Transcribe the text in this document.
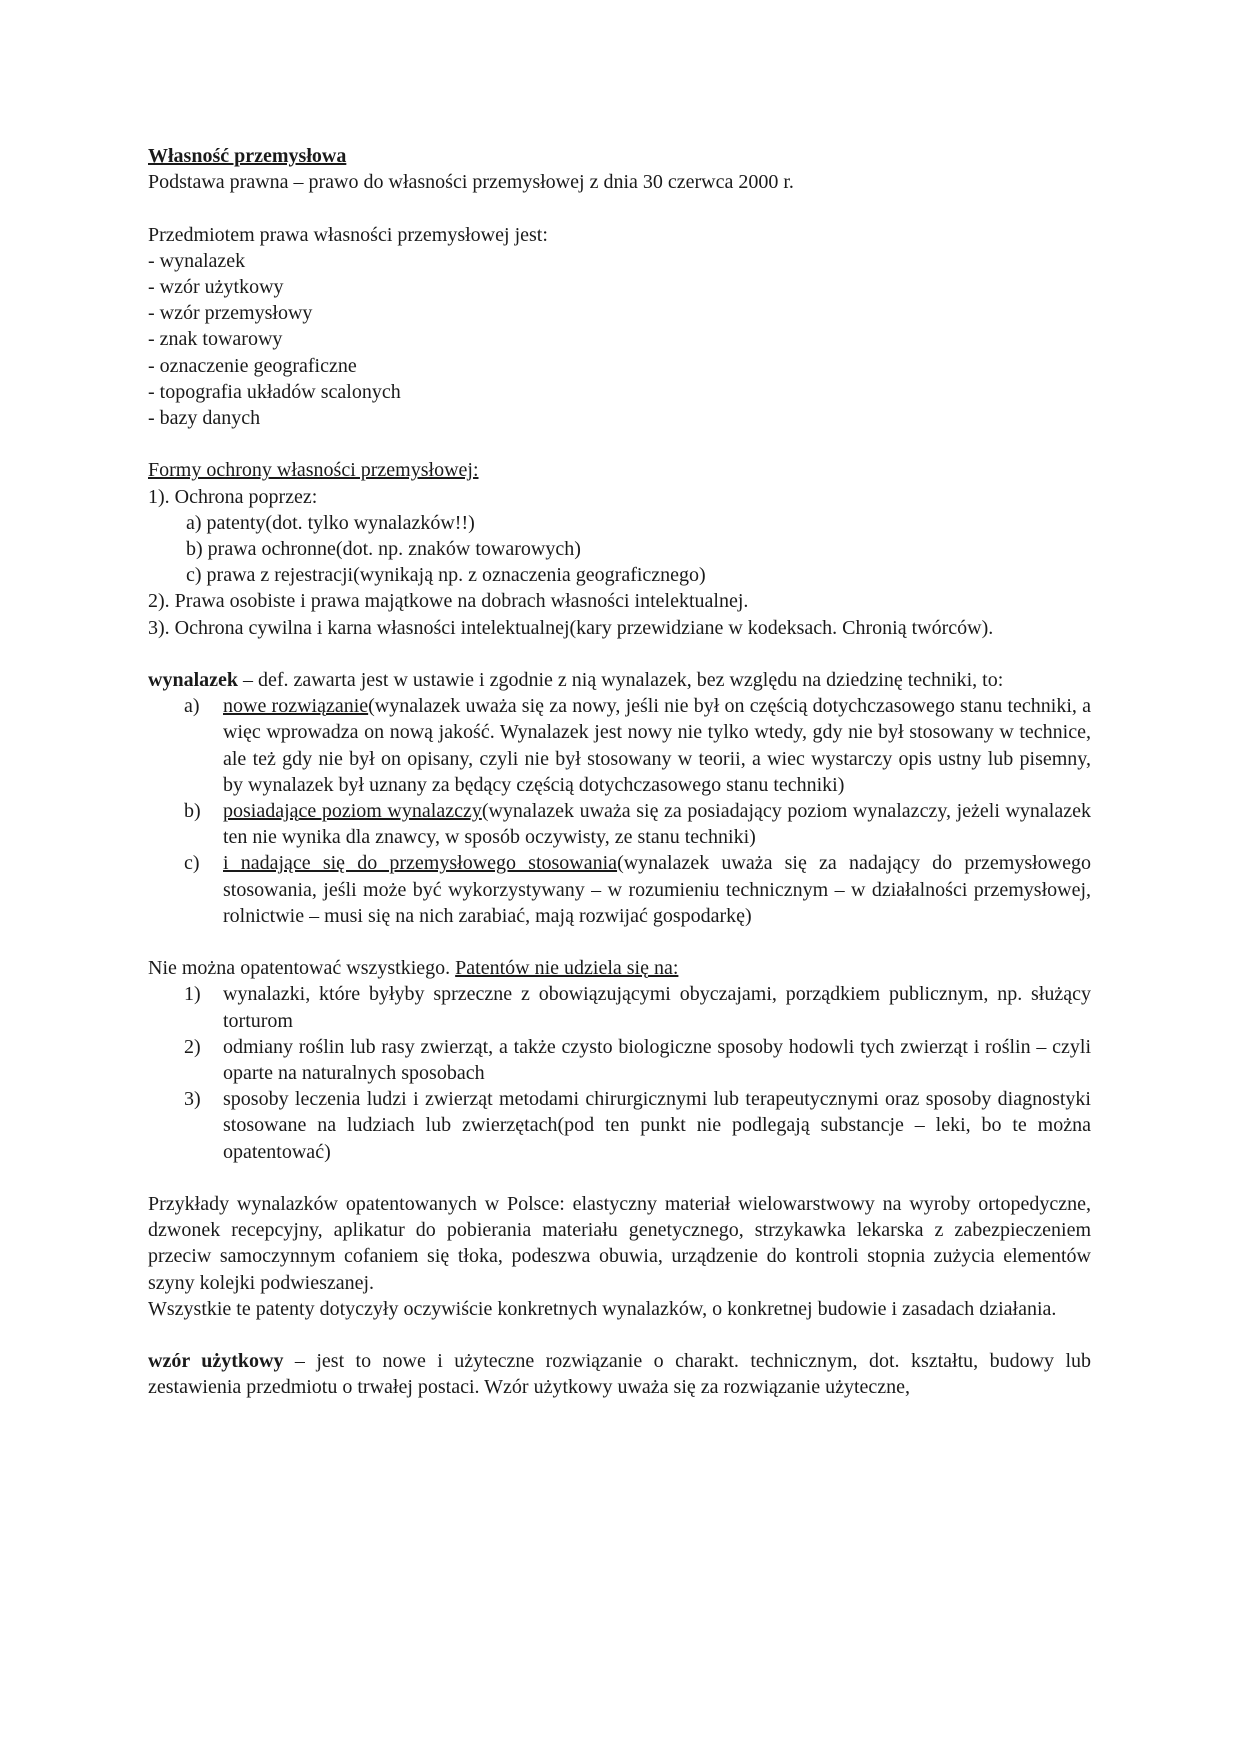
Własność przemysłowa

Podstawa prawna – prawo do własności przemysłowej z dnia 30 czerwca 2000 r.

Przedmiotem prawa własności przemysłowej jest:

- wynalazek

- wzór użytkowy

- wzór przemysłowy

- znak towarowy

- oznaczenie geograficzne

- topografia układów scalonych

- bazy danych

Formy ochrony własności przemysłowej:

1). Ochrona poprzez:

a) patenty(dot. tylko wynalazków!!)

b) prawa ochronne(dot. np. znaków towarowych)

c) prawa z rejestracji(wynikają np. z oznaczenia geograficznego)

2). Prawa osobiste i prawa majątkowe na dobrach własności intelektualnej.

3). Ochrona cywilna i karna własności intelektualnej(kary przewidziane w kodeksach. Chronią twórców).

wynalazek – def. zawarta jest w ustawie i zgodnie z nią wynalazek, bez względu na dziedzinę techniki, to:

a)	nowe rozwiązanie(wynalazek uważa się za nowy, jeśli nie był on częścią dotychczasowego stanu techniki, a więc wprowadza on nową jakość. Wynalazek jest nowy nie tylko wtedy, gdy nie był stosowany w technice, ale też gdy nie był on opisany, czyli nie był stosowany w teorii, a wiec wystarczy opis ustny lub pisemny, by wynalazek był uznany za będący częścią dotychczasowego stanu techniki)
b)	posiadające poziom wynalazczy(wynalazek uważa się za posiadający poziom wynalazczy, jeżeli wynalazek ten nie wynika dla znawcy, w sposób oczywisty, ze stanu techniki)
c)	i nadające się do przemysłowego stosowania(wynalazek uważa się za nadający do przemysłowego stosowania, jeśli może być wykorzystywany – w rozumieniu technicznym – w działalności przemysłowej, rolnictwie – musi się na nich zarabiać, mają rozwijać gospodarkę)

Nie można opatentować wszystkiego. Patentów nie udziela się na:

1)	wynalazki, które byłyby sprzeczne z obowiązującymi obyczajami, porządkiem publicznym, np. służący torturom
2)	odmiany roślin lub rasy zwierząt, a także czysto biologiczne sposoby hodowli tych zwierząt i roślin – czyli oparte na naturalnych sposobach
3)	sposoby leczenia ludzi i zwierząt metodami chirurgicznymi lub terapeutycznymi oraz sposoby diagnostyki stosowane na ludziach lub zwierzętach(pod ten punkt nie podlegają substancje – leki, bo te można opatentować)

Przykłady wynalazków opatentowanych w Polsce: elastyczny materiał wielowarstwowy na wyroby ortopedyczne, dzwonek recepcyjny, aplikatur do pobierania materiału genetycznego, strzykawka lekarska z zabezpieczeniem przeciw samoczynnym cofaniem się tłoka, podeszwa obuwia, urządzenie do kontroli stopnia zużycia elementów szyny kolejki podwieszanej.

Wszystkie te patenty dotyczyły oczywiście konkretnych wynalazków, o konkretnej budowie i zasadach działania.

wzór użytkowy – jest to nowe i użyteczne rozwiązanie o charakt. technicznym, dot. kształtu, budowy lub zestawienia przedmiotu o trwałej postaci. Wzór użytkowy uważa się za rozwiązanie użyteczne,
